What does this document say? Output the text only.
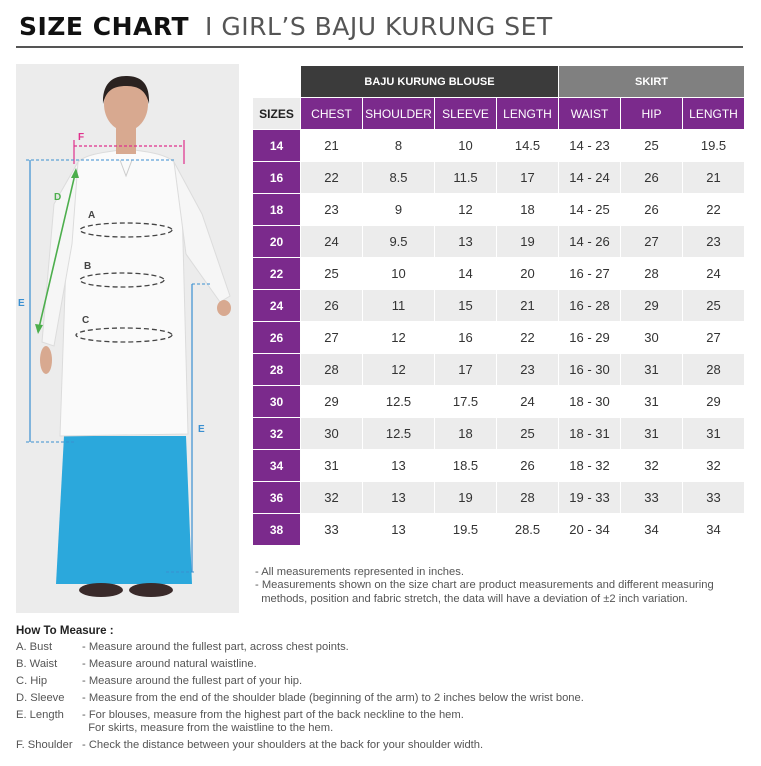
SIZE CHART I GIRL’S BAJU KURUNG SET
F
E
E
D
A
B
C
	BAJU KURUNG BLOUSE				SKIRT		
SIZES	CHEST	SHOULDER	SLEEVE	LENGTH	WAIST	HIP	LENGTH
14	21	8	10	14.5	14 - 23	25	19.5
16	22	8.5	11.5	17	14 - 24	26	21
18	23	9	12	18	14 - 25	26	22
20	24	9.5	13	19	14 - 26	27	23
22	25	10	14	20	16 - 27	28	24
24	26	11	15	21	16 - 28	29	25
26	27	12	16	22	16 - 29	30	27
28	28	12	17	23	16 - 30	31	28
30	29	12.5	17.5	24	18 - 30	31	29
32	30	12.5	18	25	18 - 31	31	31
34	31	13	18.5	26	18 - 32	32	32
36	32	13	19	28	19 - 33	33	33
38	33	13	19.5	28.5	20 - 34	34	34
- All measurements represented in inches.
- Measurements shown on the size chart are product measurements and different measuring
methods, position and fabric stretch, the data will have a deviation of ±2 inch variation.
How To Measure :
A. Bust	- Measure around the fullest part, across chest points.
B. Waist	- Measure around natural waistline.
C. Hip	- Measure around the fullest part of your hip.
D. Sleeve	- Measure from the end of the shoulder blade (beginning of the arm) to 2 inches below the wrist bone.
E. Length	- For blouses, measure from the highest part of the back neckline to the hem.
For skirts, measure from the waistline to the hem.
F. Shoulder - Check the distance between your shoulders at the back for your shoulder width.
